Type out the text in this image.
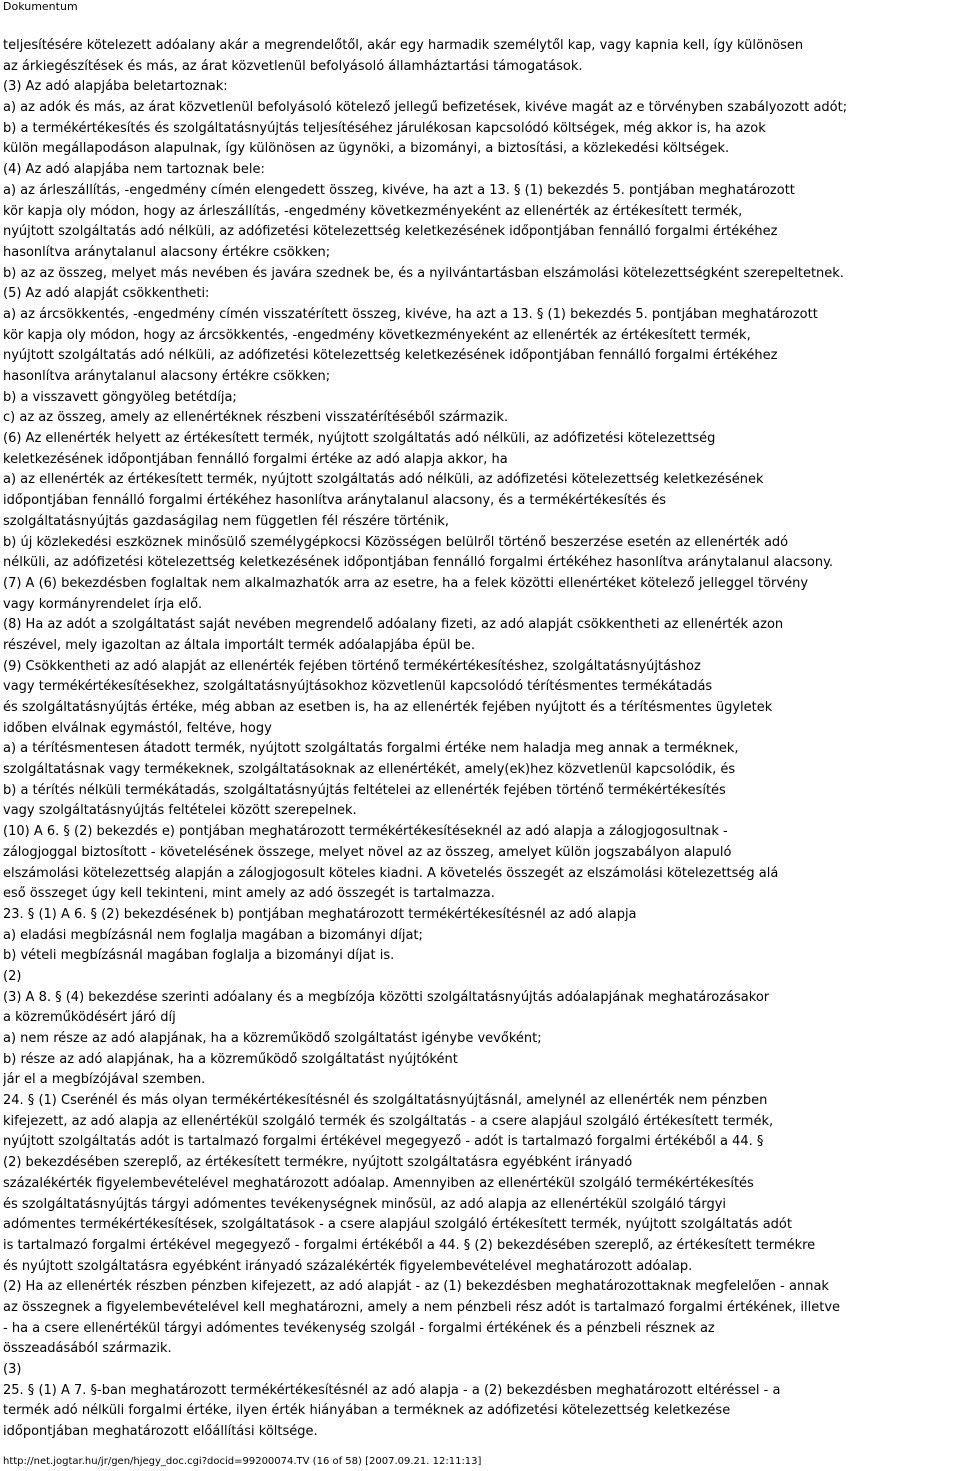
Dokumentum
teljesítésére kötelezett adóalany akár a megrendelőtől, akár egy harmadik személytől kap, vagy kapnia kell, így különösen
az árkiegészítések és más, az árat közvetlenül befolyásoló államháztartási támogatások.
(3) Az adó alapjába beletartoznak:
a) az adók és más, az árat közvetlenül befolyásoló kötelező jellegű befizetések, kivéve magát az e törvényben szabályozott adót;
b) a termékértékesítés és szolgáltatásnyújtás teljesítéséhez járulékosan kapcsolódó költségek, még akkor is, ha azok
külön megállapodáson alapulnak, így különösen az ügynöki, a bizományi, a biztosítási, a közlekedési költségek.
(4) Az adó alapjába nem tartoznak bele:
a) az árleszállítás, -engedmény címén elengedett összeg, kivéve, ha azt a 13. § (1) bekezdés 5. pontjában meghatározott
kör kapja oly módon, hogy az árleszállítás, -engedmény következményeként az ellenérték az értékesített termék,
nyújtott szolgáltatás adó nélküli, az adófizetési kötelezettség keletkezésének időpontjában fennálló forgalmi értékéhez
hasonlítva aránytalanul alacsony értékre csökken;
b) az az összeg, melyet más nevében és javára szednek be, és a nyilvántartásban elszámolási kötelezettségként szerepeltetnek.
(5) Az adó alapját csökkentheti:
a) az árcsökkentés, -engedmény címén visszatérített összeg, kivéve, ha azt a 13. § (1) bekezdés 5. pontjában meghatározott
kör kapja oly módon, hogy az árcsökkentés, -engedmény következményeként az ellenérték az értékesített termék,
nyújtott szolgáltatás adó nélküli, az adófizetési kötelezettség keletkezésének időpontjában fennálló forgalmi értékéhez
hasonlítva aránytalanul alacsony értékre csökken;
b) a visszavett göngyöleg betétdíja;
c) az az összeg, amely az ellenértéknek részbeni visszatérítéséből származik.
(6) Az ellenérték helyett az értékesített termék, nyújtott szolgáltatás adó nélküli, az adófizetési kötelezettség
keletkezésének időpontjában fennálló forgalmi értéke az adó alapja akkor, ha
a) az ellenérték az értékesített termék, nyújtott szolgáltatás adó nélküli, az adófizetési kötelezettség keletkezésének
időpontjában fennálló forgalmi értékéhez hasonlítva aránytalanul alacsony, és a termékértékesítés és
szolgáltatásnyújtás gazdaságilag nem független fél részére történik,
b) új közlekedési eszköznek minősülő személygépkocsi Közösségen belülről történő beszerzése esetén az ellenérték adó
nélküli, az adófizetési kötelezettség keletkezésének időpontjában fennálló forgalmi értékéhez hasonlítva aránytalanul alacsony.
(7) A (6) bekezdésben foglaltak nem alkalmazhatók arra az esetre, ha a felek közötti ellenértéket kötelező jelleggel törvény
vagy kormányrendelet írja elő.
(8) Ha az adót a szolgáltatást saját nevében megrendelő adóalany fizeti, az adó alapját csökkentheti az ellenérték azon
részével, mely igazoltan az általa importált termék adóalapjába épül be.
(9) Csökkentheti az adó alapját az ellenérték fejében történő termékértékesítéshez, szolgáltatásnyújtáshoz
vagy termékértékesítésekhez, szolgáltatásnyújtásokhoz közvetlenül kapcsolódó térítésmentes termékátadás
és szolgáltatásnyújtás értéke, még abban az esetben is, ha az ellenérték fejében nyújtott és a térítésmentes ügyletek
időben elválnak egymástól, feltéve, hogy
a) a térítésmentesen átadott termék, nyújtott szolgáltatás forgalmi értéke nem haladja meg annak a terméknek,
szolgáltatásnak vagy termékeknek, szolgáltatásoknak az ellenértékét, amely(ek)hez közvetlenül kapcsolódik, és
b) a térítés nélküli termékátadás, szolgáltatásnyújtás feltételei az ellenérték fejében történő termékértékesítés
vagy szolgáltatásnyújtás feltételei között szerepelnek.
(10) A 6. § (2) bekezdés e) pontjában meghatározott termékértékesítéseknél az adó alapja a zálogjogosultnak -
zálogjoggal biztosított - követelésének összege, melyet növel az az összeg, amelyet külön jogszabályon alapuló
elszámolási kötelezettség alapján a zálogjogosult köteles kiadni. A követelés összegét az elszámolási kötelezettség alá
eső összeget úgy kell tekinteni, mint amely az adó összegét is tartalmazza.
23. § (1) A 6. § (2) bekezdésének b) pontjában meghatározott termékértékesítésnél az adó alapja
a) eladási megbízásnál nem foglalja magában a bizományi díjat;
b) vételi megbízásnál magában foglalja a bizományi díjat is.
(2)
(3) A 8. § (4) bekezdése szerinti adóalany és a megbízója közötti szolgáltatásnyújtás adóalapjának meghatározásakor
a közreműködésért járó díj
a) nem része az adó alapjának, ha a közreműködő szolgáltatást igénybe vevőként;
b) része az adó alapjának, ha a közreműködő szolgáltatást nyújtóként
jár el a megbízójával szemben.
24. § (1) Cserénél és más olyan termékértékesítésnél és szolgáltatásnyújtásnál, amelynél az ellenérték nem pénzben
kifejezett, az adó alapja az ellenértékül szolgáló termék és szolgáltatás - a csere alapjául szolgáló értékesített termék,
nyújtott szolgáltatás adót is tartalmazó forgalmi értékével megegyező - adót is tartalmazó forgalmi értékéből a 44. §
(2) bekezdésében szereplő, az értékesített termékre, nyújtott szolgáltatásra egyébként irányadó
százalékérték figyelembevételével meghatározott adóalap. Amennyiben az ellenértékül szolgáló termékértékesítés
és szolgáltatásnyújtás tárgyi adómentes tevékenységnek minősül, az adó alapja az ellenértékül szolgáló tárgyi
adómentes termékértékesítések, szolgáltatások - a csere alapjául szolgáló értékesített termék, nyújtott szolgáltatás adót
is tartalmazó forgalmi értékével megegyező - forgalmi értékéből a 44. § (2) bekezdésében szereplő, az értékesített termékre
és nyújtott szolgáltatásra egyébként irányadó százalékérték figyelembevételével meghatározott adóalap.
(2) Ha az ellenérték részben pénzben kifejezett, az adó alapját - az (1) bekezdésben meghatározottaknak megfelelően - annak
az összegnek a figyelembevételével kell meghatározni, amely a nem pénzbeli rész adót is tartalmazó forgalmi értékének, illetve
- ha a csere ellenértékül tárgyi adómentes tevékenység szolgál - forgalmi értékének és a pénzbeli résznek az
összeadásából származik.
(3)
25. § (1) A 7. §-ban meghatározott termékértékesítésnél az adó alapja - a (2) bekezdésben meghatározott eltéréssel - a
termék adó nélküli forgalmi értéke, ilyen érték hiányában a terméknek az adófizetési kötelezettség keletkezése
időpontjában meghatározott előállítási költsége.
http://net.jogtar.hu/jr/gen/hjegy_doc.cgi?docid=99200074.TV (16 of 58) [2007.09.21. 12:11:13]
